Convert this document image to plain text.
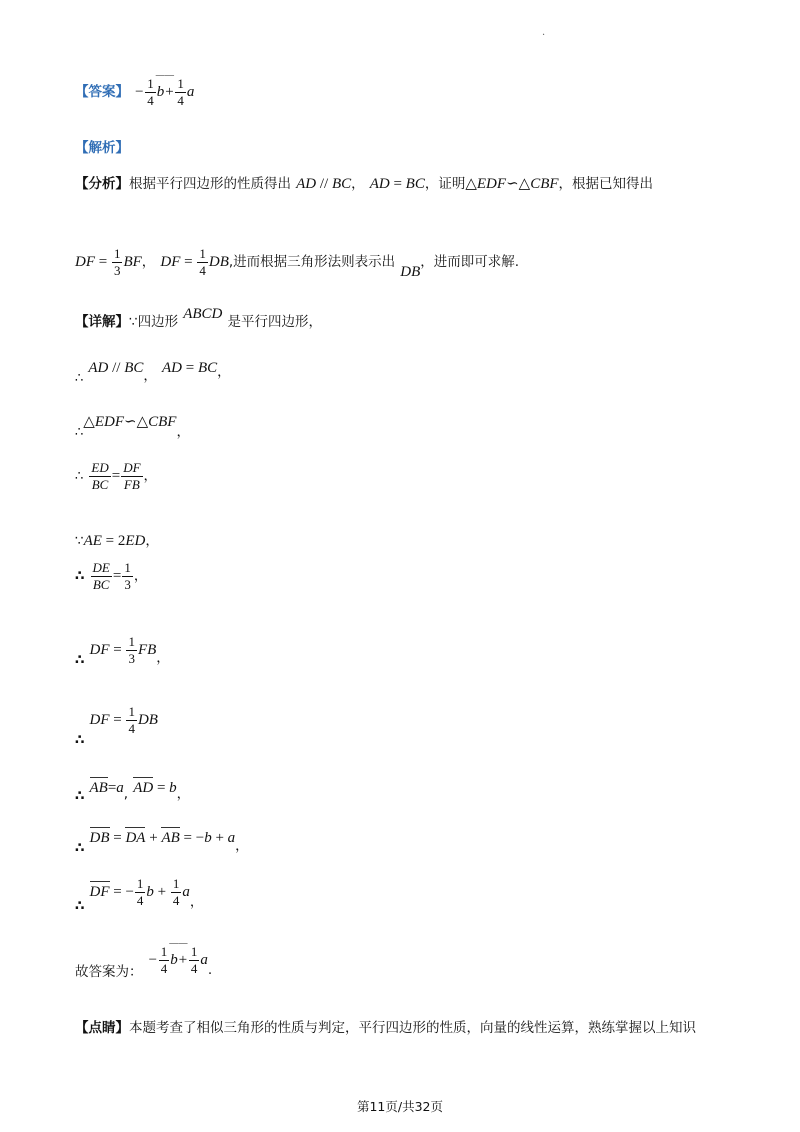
·
【答案】 − $\frac{1}{4}$ — — $b+ \frac{1}{4}$ a
【解析】
【分析】根据平行四边形的性质得出 AD // BC， AD = BC，证明△EDF∽△CBF，根据已知得出
DF = $\frac{1}{3}$ BF， DF = $\frac{1}{4}$ DB,进而根据三角形法则表示出 DB，进而即可求解.
【详解】∵四边形 ABCD 是平行四边形，
$_\therefore$ AD // $BC_,$ AD = $BC_,$
$_\therefore\triangle EDF∽\triangle CBF_,$
∴ $\frac{ED}{BC} = \frac{DF}{FB}$ ，
∵AE = 2ED，
∴ $\frac{DE}{BC} = \frac{1}{3}$ ，
$_\therefore$ DF = $\frac{1}{3} FB_,$
$_\therefore$ DF = $\frac{1}{4}$ DB
$_\therefore$ $AB=a_,$ AD = $b_,$
$_\therefore$ DB = DA + AB = $-b + a_,$
$_\therefore$ DF = − $\frac{1}{4}$ $b + \frac{1}{4} a_,$
$_{故答案为:} - \frac{1}{4}$ — — $b+ \frac{1}{4} a_.$
【点睛】本题考查了相似三角形的性质与判定，平行四边形的性质，向量的线性运算，熟练掌握以上知识
第11页/共32页
